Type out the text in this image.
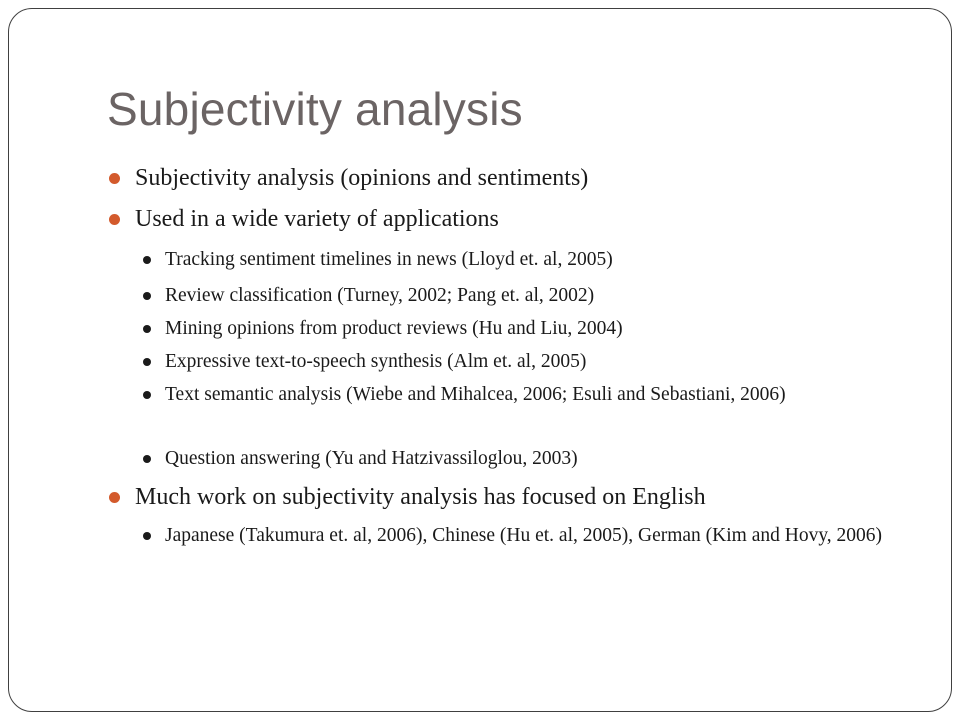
Subjectivity analysis
Subjectivity analysis (opinions and sentiments)
Used in a wide variety of applications
Tracking sentiment timelines in news (Lloyd et. al, 2005)
Review classification (Turney, 2002; Pang et. al, 2002)
Mining opinions from product reviews (Hu and Liu, 2004)
Expressive text-to-speech synthesis (Alm et. al, 2005)
Text semantic analysis (Wiebe and Mihalcea, 2006; Esuli and Sebastiani, 2006)
Question answering (Yu and Hatzivassiloglou, 2003)
Much work on subjectivity analysis has focused on English
Japanese (Takumura et. al, 2006), Chinese (Hu et. al, 2005), German (Kim and Hovy, 2006)
